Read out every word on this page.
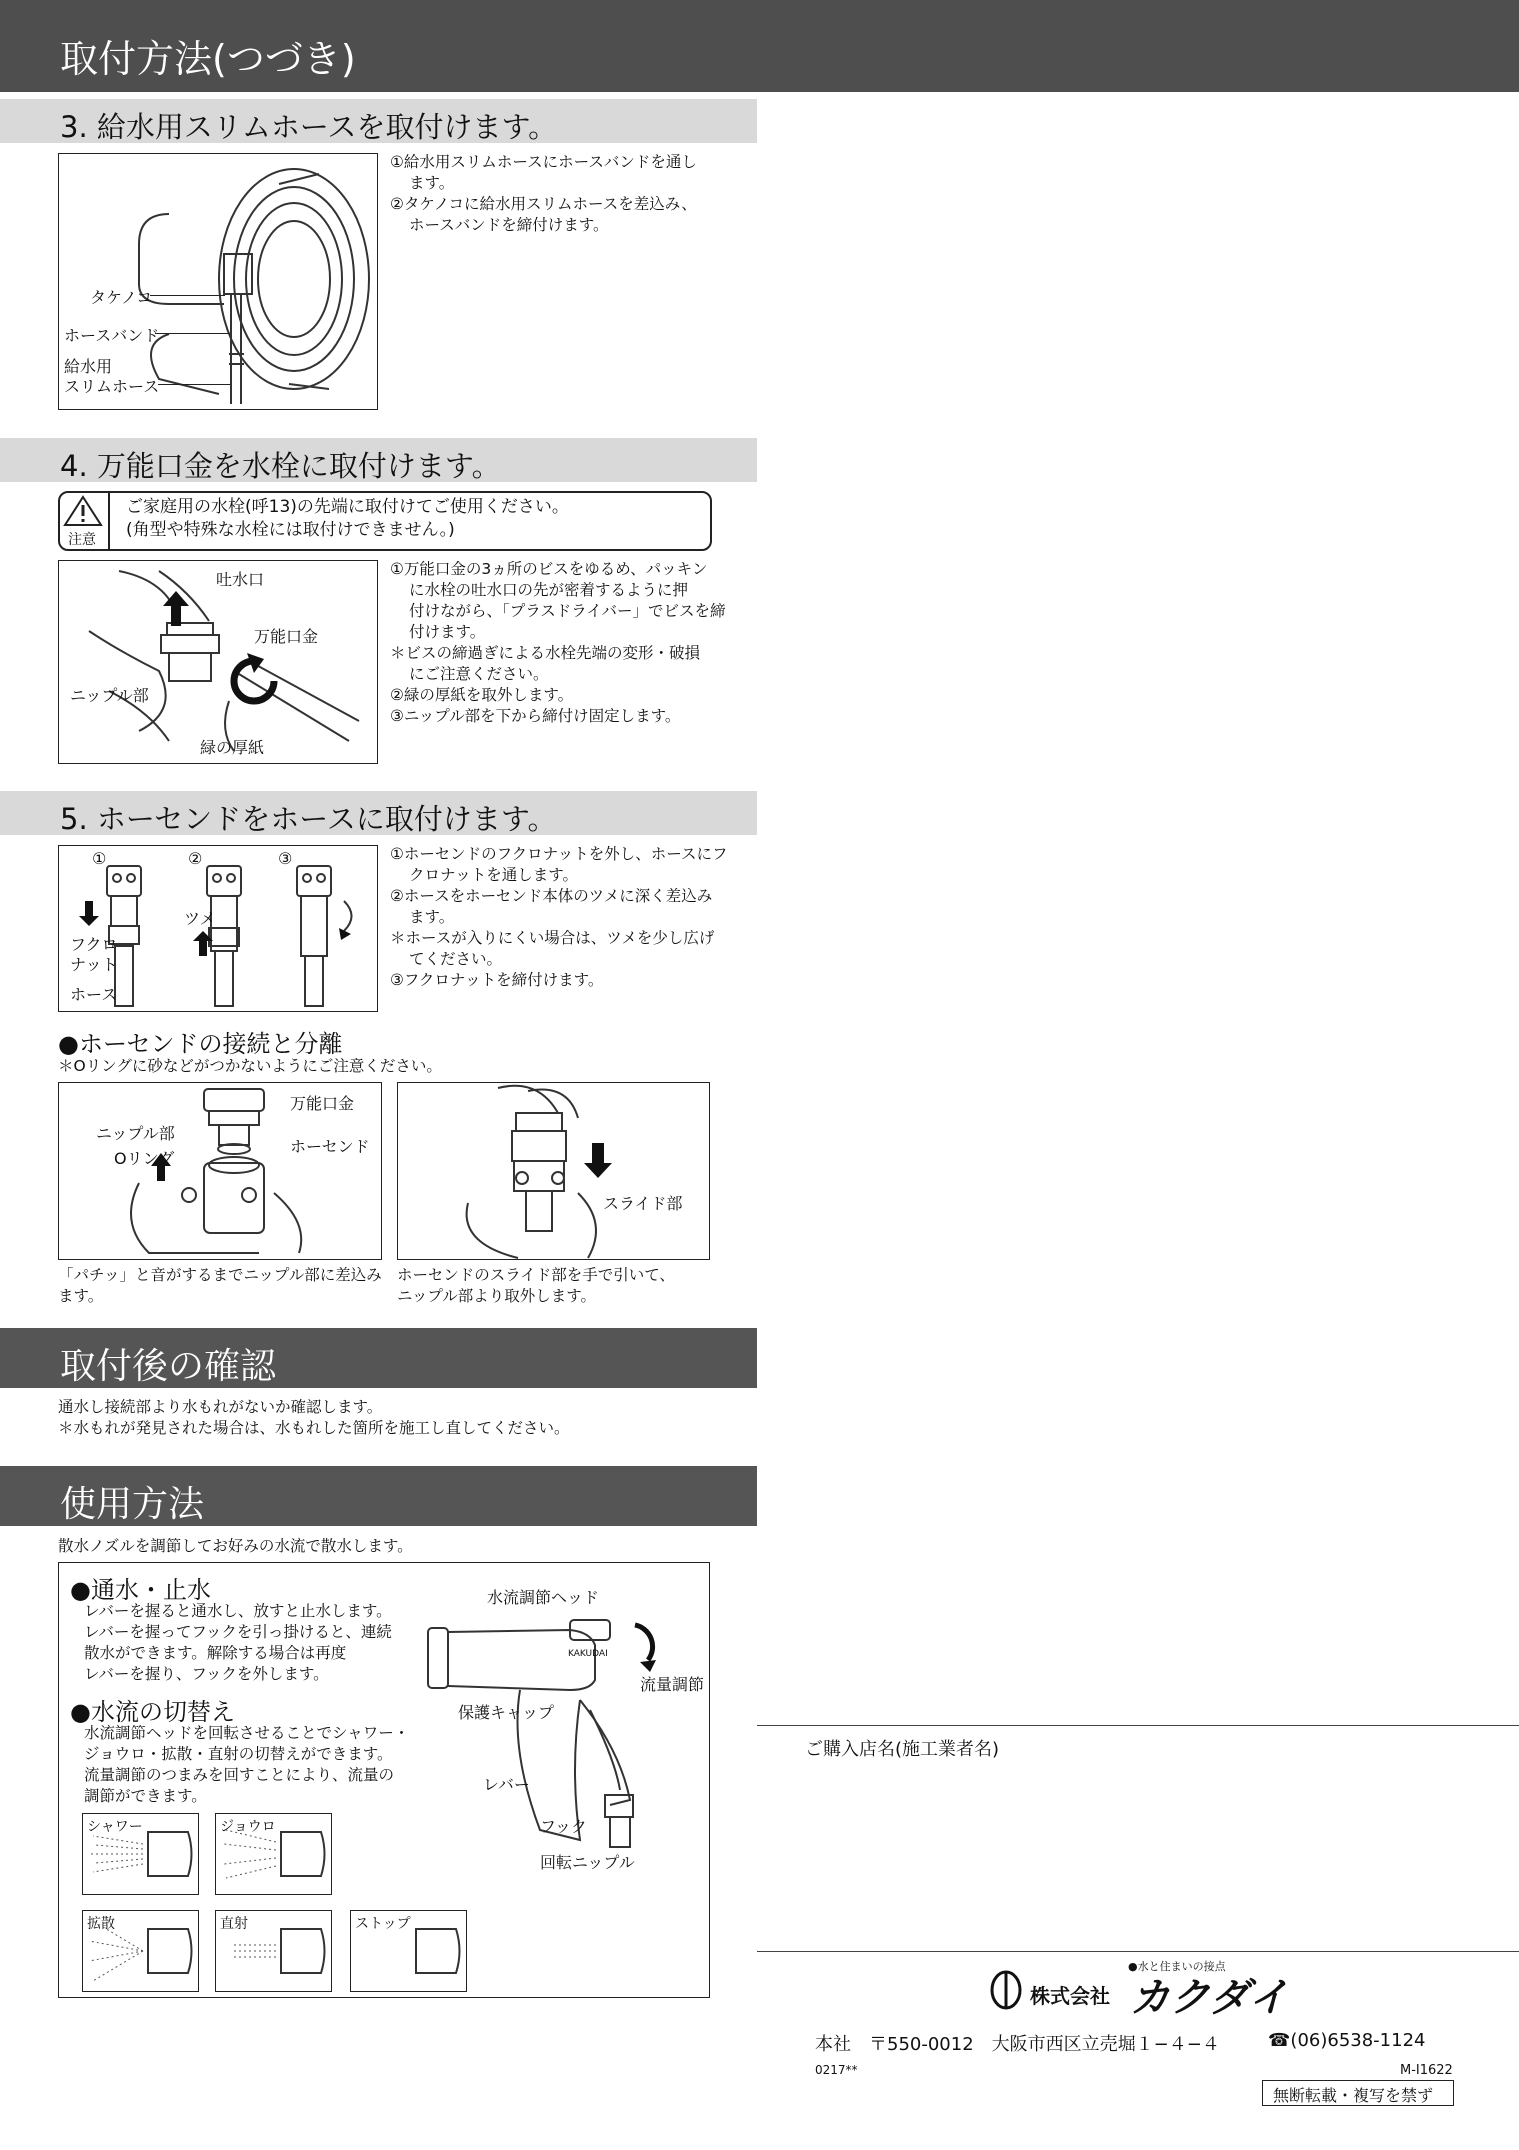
取付方法(つづき)
3. 給水用スリムホースを取付けます。
タケノコ
ホースバンド
給水用
スリムホース
①給水用スリムホースにホースバンドを通し
ます。
②タケノコに給水用スリムホースを差込み、
ホースバンドを締付けます。
4. 万能口金を水栓に取付けます。
注意
ご家庭用の水栓(呼13)の先端に取付けてご使用ください。
(角型や特殊な水栓には取付けできません。)
吐水口
万能口金
ニップル部
緑の厚紙
①万能口金の3ヵ所のビスをゆるめ、パッキン
に水栓の吐水口の先が密着するように押
付けながら、「プラスドライバー」でビスを締
付けます。
＊ビスの締過ぎによる水栓先端の変形・破損
にご注意ください。
②緑の厚紙を取外します。
③ニップル部を下から締付け固定します。
5. ホーセンドをホースに取付けます。
①	②	③
ツメ
フクロ
ナット
ホース
①ホーセンドのフクロナットを外し、ホースにフ
クロナットを通します。
②ホースをホーセンド本体のツメに深く差込み
ます。
＊ホースが入りにくい場合は、ツメを少し広げ
てください。
③フクロナットを締付けます。
●ホーセンドの接続と分離
＊Oリングに砂などがつかないようにご注意ください。
万能口金
ニップル部
ホーセンド
Oリング
スライド部
「パチッ」と音がするまでニップル部に差込み
ます。
ホーセンドのスライド部を手で引いて、
ニップル部より取外します。
取付後の確認
通水し接続部より水もれがないか確認します。
＊水もれが発見された場合は、水もれした箇所を施工し直してください。
使用方法
散水ノズルを調節してお好みの水流で散水します。
●通水・止水
レバーを握ると通水し、放すと止水します。
レバーを握ってフックを引っ掛けると、連続
散水ができます。解除する場合は再度
レバーを握り、フックを外します。
●水流の切替え
水流調節ヘッドを回転させることでシャワー・
ジョウロ・拡散・直射の切替えができます。
流量調節のつまみを回すことにより、流量の
調節ができます。
シャワー	ジョウロ
拡散	直射	ストップ
KAKUDAI
水流調節ヘッド
流量調節
保護キャップ
レバー
フック
回転ニップル
ご購入店名(施工業者名)
●水と住まいの接点
株式会社 カクダイ
本社　〒550-0012　大阪市西区立売堀１−４−４	☎(06)6538-1124
0217**	M-I1622
無断転載・複写を禁ず
